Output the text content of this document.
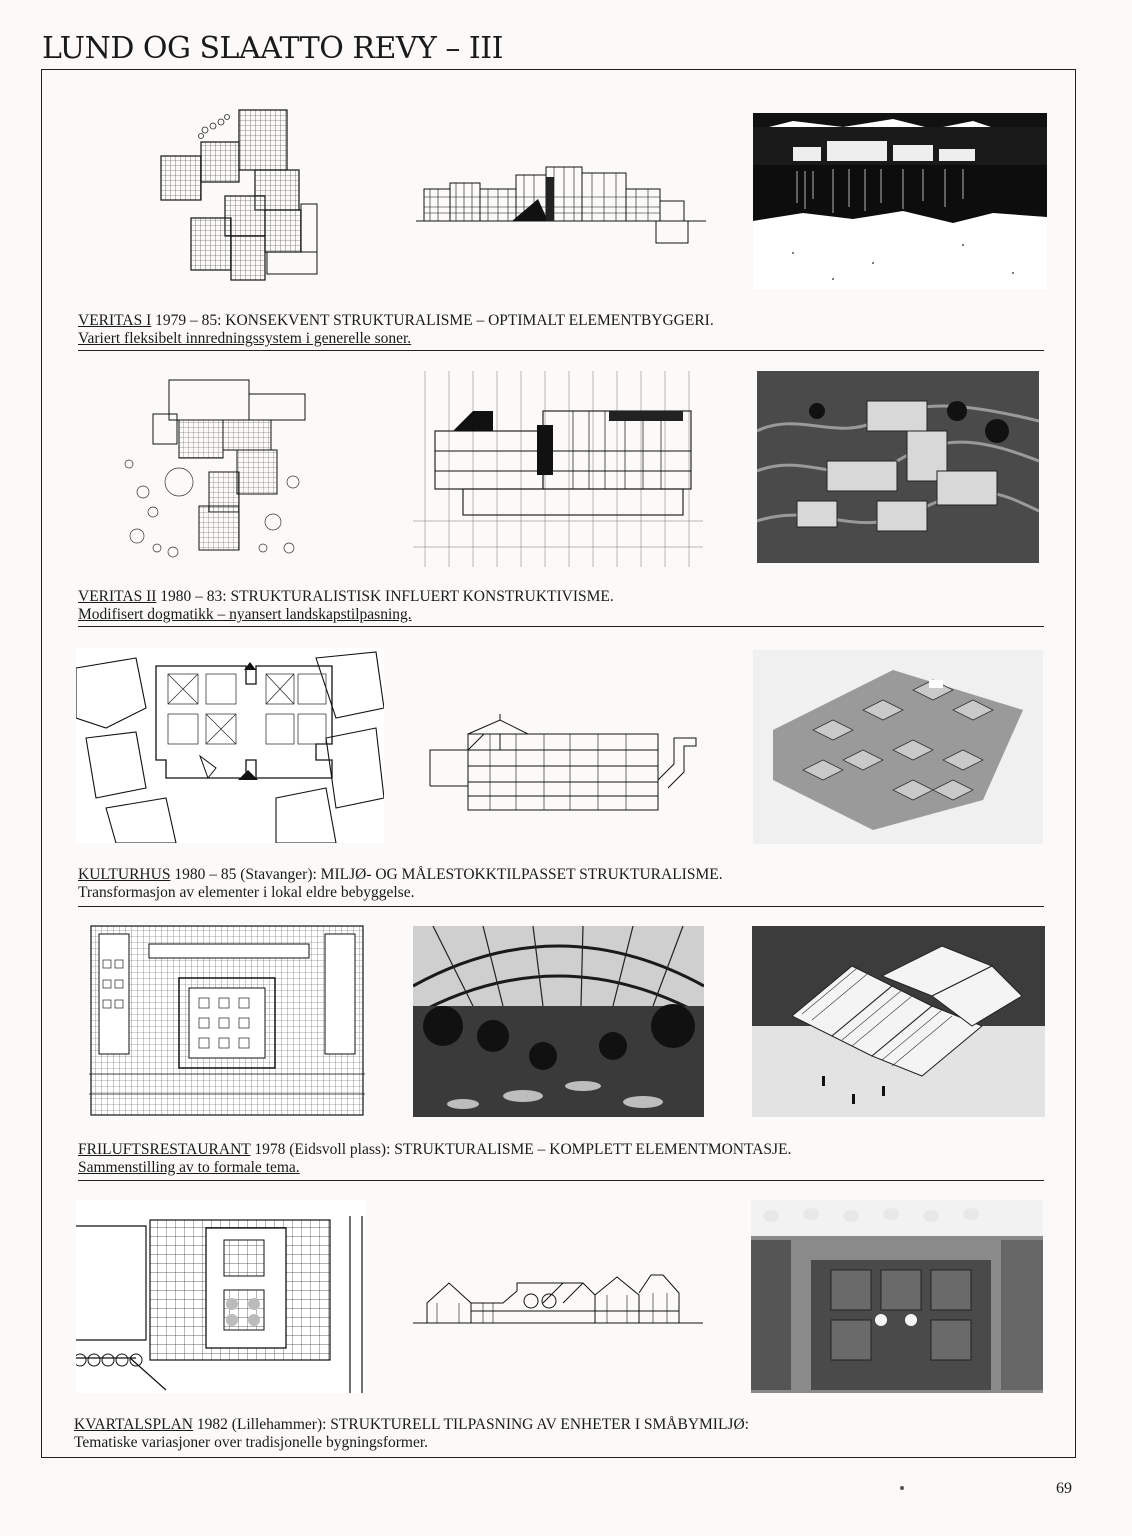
LUND OG SLAATTO REVY – III
VERITAS I 1979 – 85: KONSEKVENT STRUKTURALISME – OPTIMALT ELEMENTBYGGERI.
Variert fleksibelt innredningssystem i generelle soner.
VERITAS II 1980 – 83: STRUKTURALISTISK INFLUERT KONSTRUKTIVISME.
Modifisert dogmatikk – nyansert landskapstilpasning.
KULTURHUS 1980 – 85 (Stavanger): MILJØ- OG MÅLESTOKKTILPASSET STRUKTURALISME.
Transformasjon av elementer i lokal eldre bebyggelse.
FRILUFTSRESTAURANT 1978 (Eidsvoll plass): STRUKTURALISME – KOMPLETT ELEMENTMONTASJE.
Sammenstilling av to formale tema.
KVARTALSPLAN 1982 (Lillehammer): STRUKTURELL TILPASNING AV ENHETER I SMÅBYMILJØ:
Tematiske variasjoner over tradisjonelle bygningsformer.
69
